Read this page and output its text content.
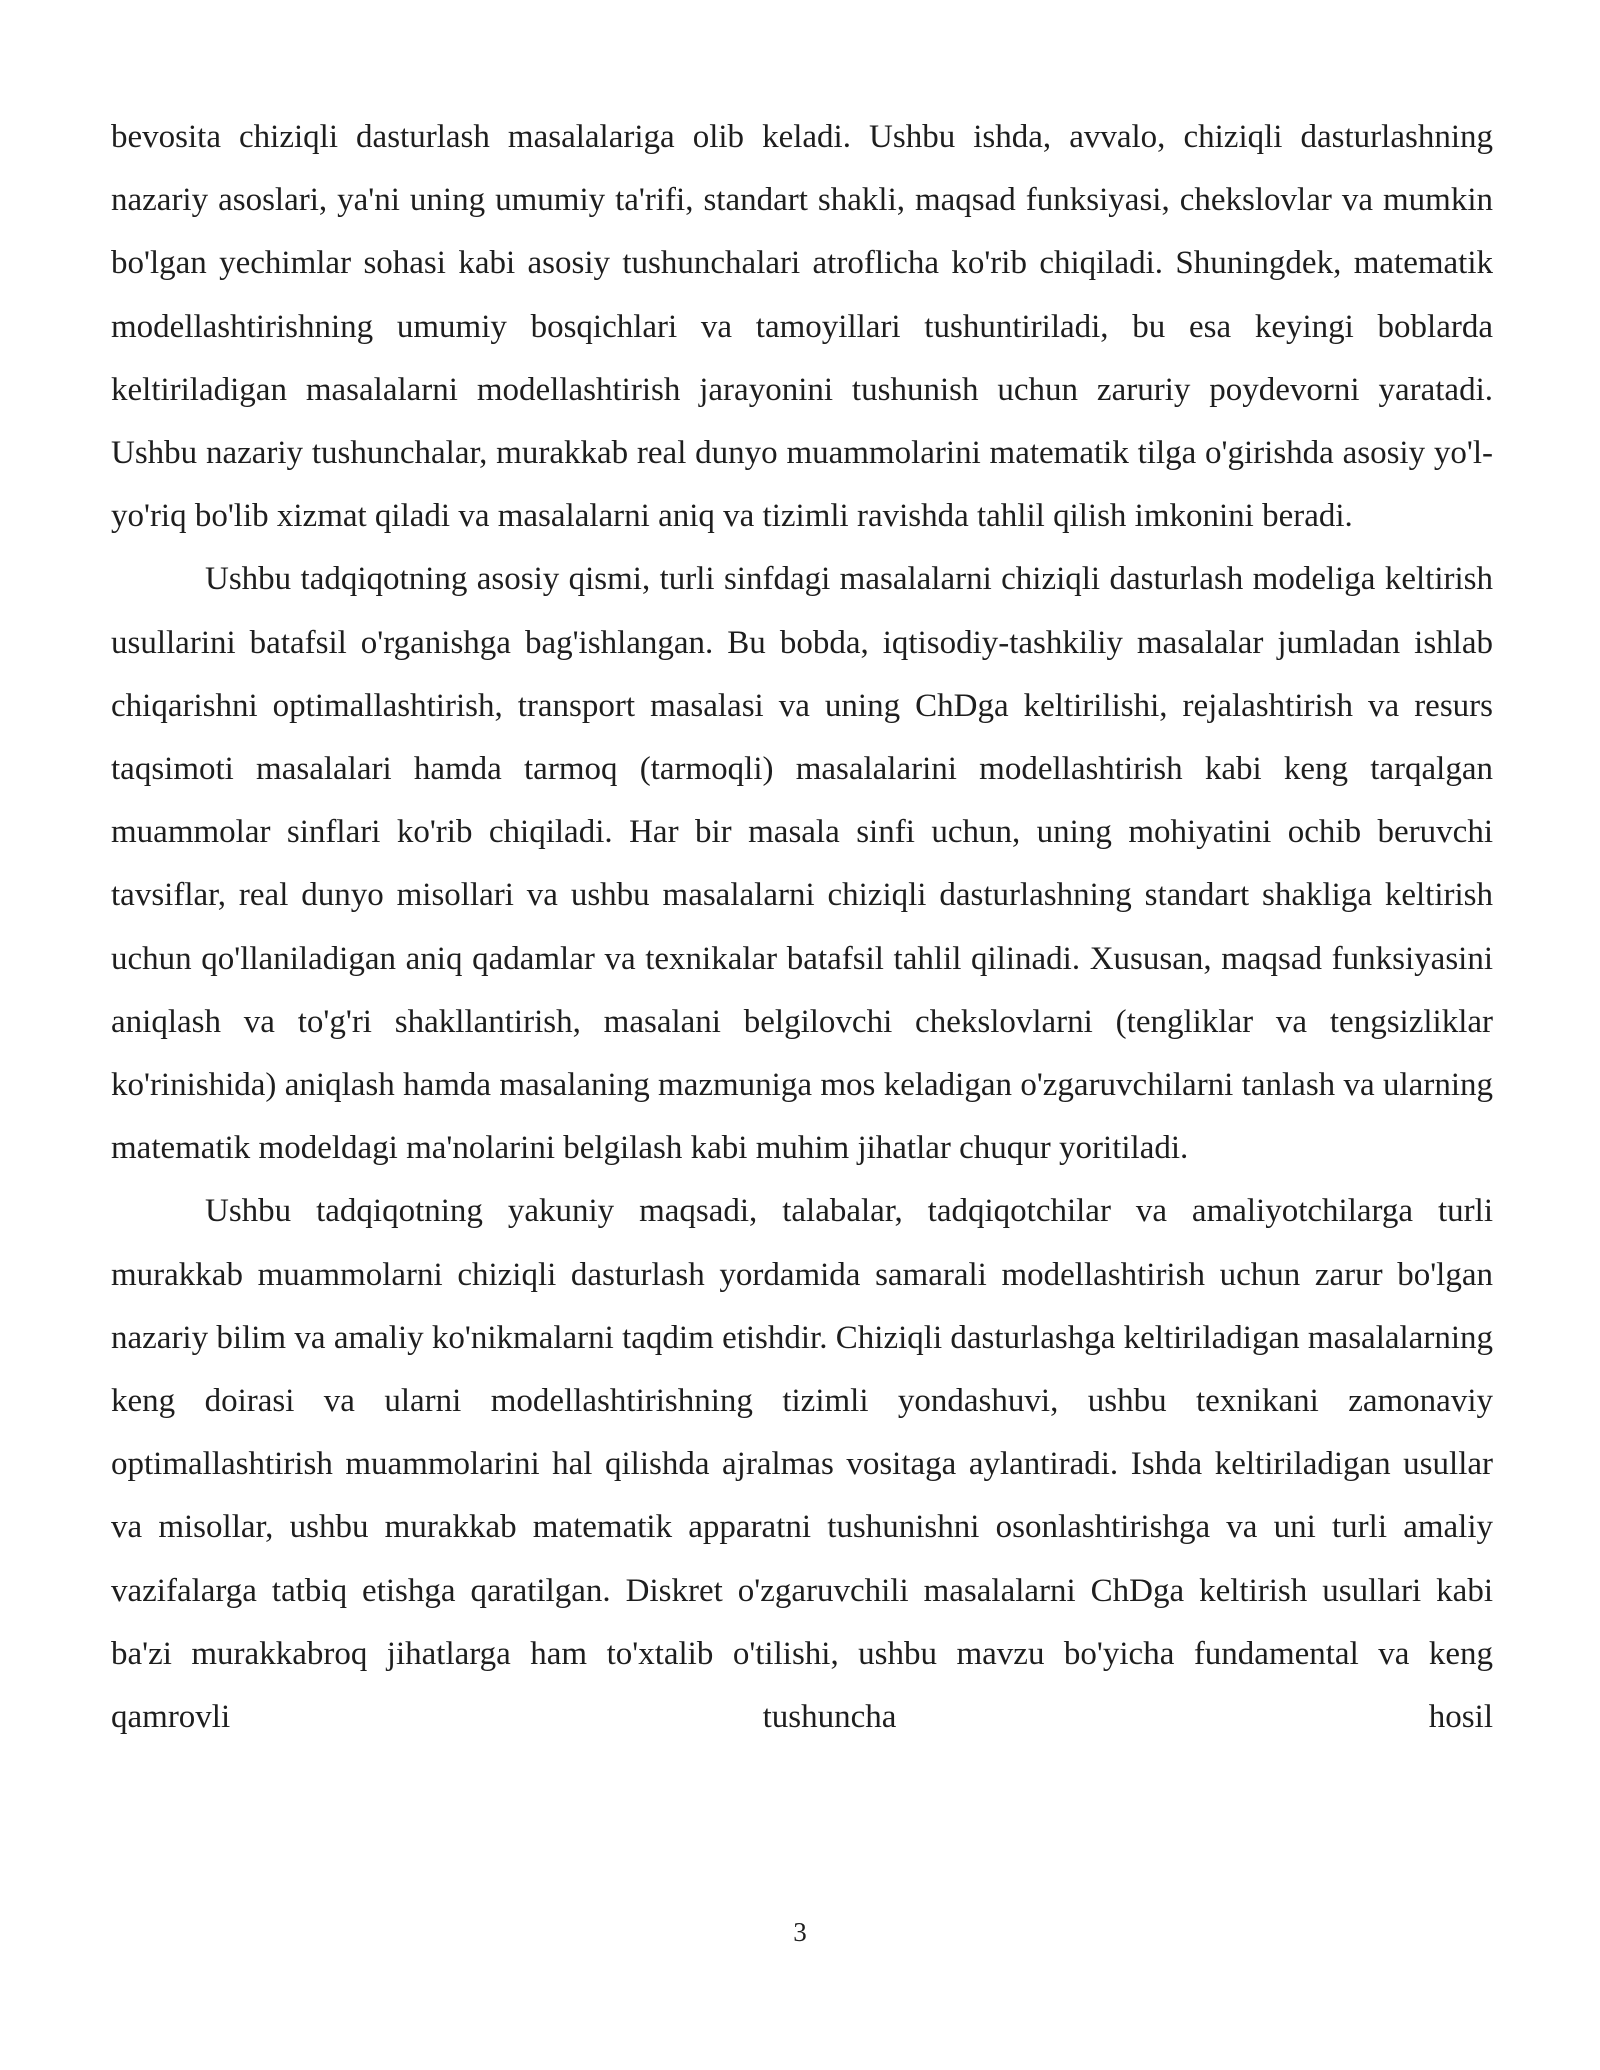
bevosita chiziqli dasturlash masalalariga olib keladi. Ushbu ishda, avvalo, chiziqli dasturlashning nazariy asoslari, ya'ni uning umumiy ta'rifi, standart shakli, maqsad funksiyasi, chekslovlar va mumkin bo'lgan yechimlar sohasi kabi asosiy tushunchalari atroflicha ko'rib chiqiladi. Shuningdek, matematik modellashtirishning umumiy bosqichlari va tamoyillari tushuntiriladi, bu esa keyingi boblarda keltiriladigan masalalarni modellashtirish jarayonini tushunish uchun zaruriy poydevorni yaratadi. Ushbu nazariy tushunchalar, murakkab real dunyo muammolarini matematik tilga o'girishda asosiy yo'l-yo'riq bo'lib xizmat qiladi va masalalarni aniq va tizimli ravishda tahlil qilish imkonini beradi.

Ushbu tadqiqotning asosiy qismi, turli sinfdagi masalalarni chiziqli dasturlash modeliga keltirish usullarini batafsil o'rganishga bag'ishlangan. Bu bobda, iqtisodiy-tashkiliy masalalar jumladan ishlab chiqarishni optimallashtirish, transport masalasi va uning ChDga keltirilishi, rejalashtirish va resurs taqsimoti masalalari hamda tarmoq (tarmoqli) masalalarini modellashtirish kabi keng tarqalgan muammolar sinflari ko'rib chiqiladi. Har bir masala sinfi uchun, uning mohiyatini ochib beruvchi tavsiflar, real dunyo misollari va ushbu masalalarni chiziqli dasturlashning standart shakliga keltirish uchun qo'llaniladigan aniq qadamlar va texnikalar batafsil tahlil qilinadi. Xususan, maqsad funksiyasini aniqlash va to'g'ri shakllantirish, masalani belgilovchi chekslovlarni (tengliklar va tengsizliklar ko'rinishida) aniqlash hamda masalaning mazmuniga mos keladigan o'zgaruvchilarni tanlash va ularning matematik modeldagi ma'nolarini belgilash kabi muhim jihatlar chuqur yoritiladi.

Ushbu tadqiqotning yakuniy maqsadi, talabalar, tadqiqotchilar va amaliyotchilarga turli murakkab muammolarni chiziqli dasturlash yordamida samarali modellashtirish uchun zarur bo'lgan nazariy bilim va amaliy ko'nikmalarni taqdim etishdir. Chiziqli dasturlashga keltiriladigan masalalarning keng doirasi va ularni modellashtirishning tizimli yondashuvi, ushbu texnikani zamonaviy optimallashtirish muammolarini hal qilishda ajralmas vositaga aylantiradi. Ishda keltiriladigan usullar va misollar, ushbu murakkab matematik apparatni tushunishni osonlashtirishga va uni turli amaliy vazifalarga tatbiq etishga qaratilgan. Diskret o'zgaruvchili masalalarni ChDga keltirish usullari kabi ba'zi murakkabroq jihatlarga ham to'xtalib o'tilishi, ushbu mavzu bo'yicha fundamental va keng qamrovli tushuncha hosil

3
